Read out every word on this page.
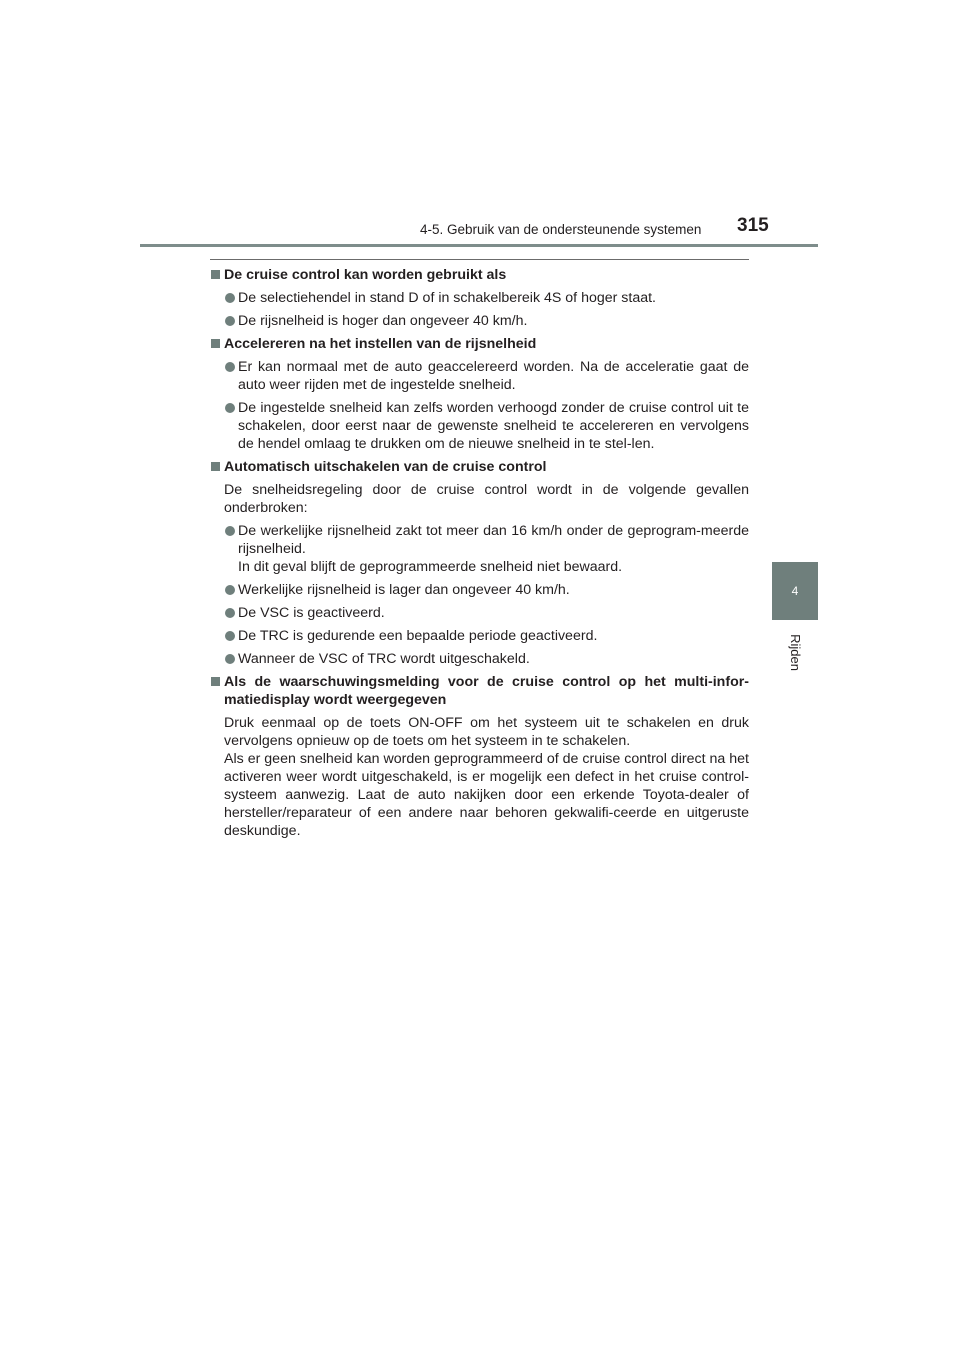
4-5. Gebruik van de ondersteunende systemen 315
4
Rijden
De cruise control kan worden gebruikt als
De selectiehendel in stand D of in schakelbereik 4S of hoger staat.
De rijsnelheid is hoger dan ongeveer 40 km/h.
Accelereren na het instellen van de rijsnelheid
Er kan normaal met de auto geaccelereerd worden. Na de acceleratie gaat de auto weer rijden met de ingestelde snelheid.
De ingestelde snelheid kan zelfs worden verhoogd zonder de cruise control uit te schakelen, door eerst naar de gewenste snelheid te accelereren en vervolgens de hendel omlaag te drukken om de nieuwe snelheid in te stel-len.
Automatisch uitschakelen van de cruise control
De snelheidsregeling door de cruise control wordt in de volgende gevallen onderbroken:
De werkelijke rijsnelheid zakt tot meer dan 16 km/h onder de geprogram-meerde rijsnelheid.
In dit geval blijft de geprogrammeerde snelheid niet bewaard.
Werkelijke rijsnelheid is lager dan ongeveer 40 km/h.
De VSC is geactiveerd.
De TRC is gedurende een bepaalde periode geactiveerd.
Wanneer de VSC of TRC wordt uitgeschakeld.
Als de waarschuwingsmelding voor de cruise control op het multi-infor-matiedisplay wordt weergegeven
Druk eenmaal op de toets ON-OFF om het systeem uit te schakelen en druk vervolgens opnieuw op de toets om het systeem in te schakelen.
Als er geen snelheid kan worden geprogrammeerd of de cruise control direct na het activeren weer wordt uitgeschakeld, is er mogelijk een defect in het cruise control-systeem aanwezig. Laat de auto nakijken door een erkende Toyota-dealer of hersteller/reparateur of een andere naar behoren gekwalifi-ceerde en uitgeruste deskundige.
